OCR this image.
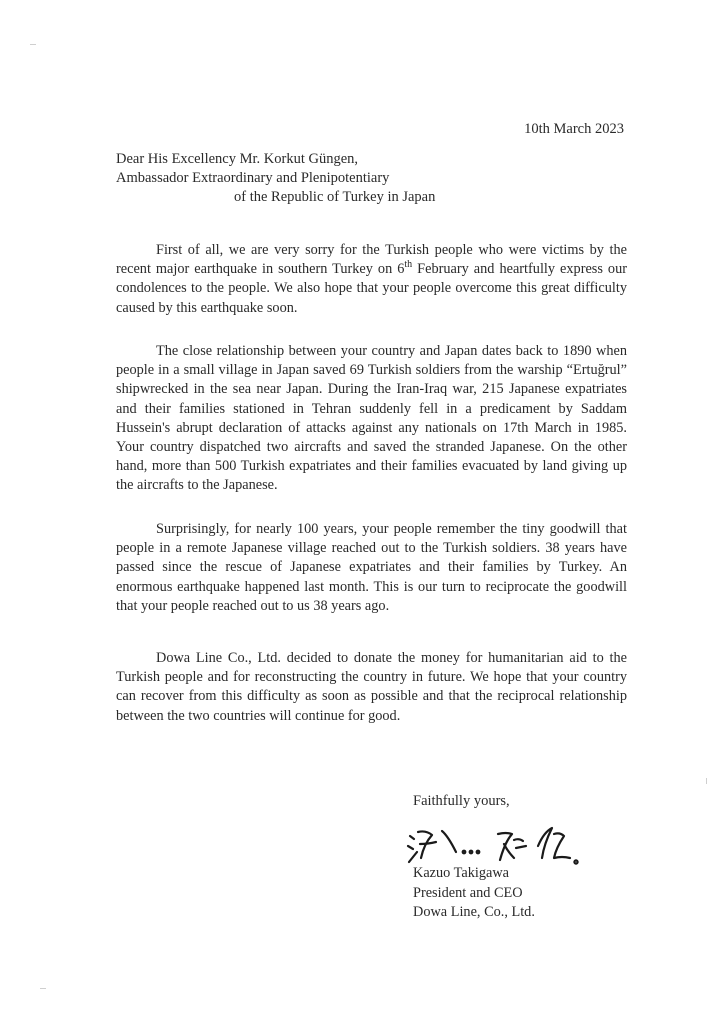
10th March 2023
Dear His Excellency Mr. Korkut Güngen,
Ambassador Extraordinary and Plenipotentiary
of the Republic of Turkey in Japan

First of all, we are very sorry for the Turkish people who were victims by the recent major earthquake in southern Turkey on 6th February and heartfully express our condolences to the people. We also hope that your people overcome this great difficulty caused by this earthquake soon.

The close relationship between your country and Japan dates back to 1890 when people in a small village in Japan saved 69 Turkish soldiers from the warship “Ertuğrul” shipwrecked in the sea near Japan. During the Iran-Iraq war, 215 Japanese expatriates and their families stationed in Tehran suddenly fell in a predicament by Saddam Hussein's abrupt declaration of attacks against any nationals on 17th March in 1985. Your country dispatched two aircrafts and saved the stranded Japanese. On the other hand, more than 500 Turkish expatriates and their families evacuated by land giving up the aircrafts to the Japanese.

Surprisingly, for nearly 100 years, your people remember the tiny goodwill that people in a remote Japanese village reached out to the Turkish soldiers. 38 years have passed since the rescue of Japanese expatriates and their families by Turkey. An enormous earthquake happened last month. This is our turn to reciprocate the goodwill that your people reached out to us 38 years ago.

Dowa Line Co., Ltd. decided to donate the money for humanitarian aid to the Turkish people and for reconstructing the country in future. We hope that your country can recover from this difficulty as soon as possible and that the reciprocal relationship between the two countries will continue for good.

Faithfully yours,
Kazuo Takigawa
President and CEO
Dowa Line, Co., Ltd.
